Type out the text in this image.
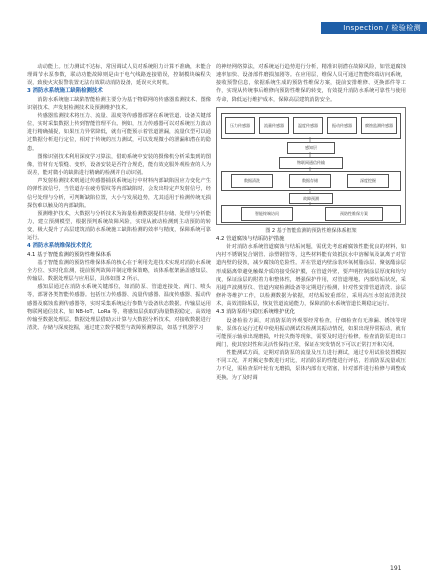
Inspection / 检验检测

动动能上。压力测试不达标，常因调试人员对系统阻力计算不准确，未能合理调节水泵参数，联动功能故障则是由于电气线路连接错误，控制模块编程失误，致使火灾报警装置无法有效联动消防设备，延误灭火时机。

3 消防水系统施工缺陷检测技术

消防水系统施工缺陷智能检测主要分为基于物联网的传感器监测技术、图像识别技术、声发射检测技术及预测维护技术。

传感器监测技术将压力、流量、温度等传感器部署在系统管道、设备关键部位，实时采集数据上传到智能管理平台。例如，压力传感器可以对系统压力波动进行精确捕捉，如果压力异常降低，就有可能预示着管道泄漏，流量仪型可以通过数据分析进行定位，相对于传统的压力测试，可以发现微小的泄漏和潜在的隐患。

图像识别技术利用深度学习算法，借助系统中安装的摄像机分析采集到的图像，管材有无裂缝、变形，设备安装是否符合规范，能有效克服外观检查的人为误差，能对微小的缺陷进行精确的检测并自动识别。

声发射检测技术则通过传感器捕获系统运行中材料内部缺陷因应力变化产生的弹性波信号，当管道存在疲劳裂纹等内部缺陷时，会发出特定声发射信号，经信号处理与分析，可判断缺陷位置，大小与发展趋势，尤其适用于检测传统无损探伤难以触及的内部缺陷。

预测维护技术，大数据与分析技术为海量检测数据提供存储、处理与分析能力，建立预测模型，根据预判系统故障风险，实现从被动检测到主动预防的转变，极大提升了高层建筑消防水系统施工缺陷检测的效率与精度，保障系统可靠运行。

4 消防水系统维保技术优化

4.1 基于智能监测的预防性维保体系

基于智能监测的预防性维保体系的核心在于利用先进技术实现对消防水系统全方位、实时化监测，提前预判故障并制定维保策略，该体系框架涵盖感知层、传输层、数据处理层与应用层，具体如图 2 所示。

感知层通过在消防水系统关键部位，如消防泵、管道连接处、阀门、喷头等，部署各类智能传感器。包括压力传感器、流量传感器、温度传感器、振动传感器及腐蚀监测传感器等，实时采集系统运行参数与设备状态数据。传输层运用物联网通信技术，如 NB-IoT、LoRa 等，将感知层获取的海量数据稳定、高效地传输至数据处理层。数据处理层借助云计算与大数据分析技术，对接收数据进行清洗、存储与深度挖掘，通过建立数学模型与故障预测算法，如基于机器学习

的神经网络算法，对系统运行趋势进行分析，精准识别潜在故障风险，如管道腐蚀速率加快、设备部件磨损加剧等。在应用层，维保人员可通过智能终端访问系统，接收预警信息，依据系统生成的预防性维保方案，提前安排维修、更换部件等工作，实现从传统事后维修向预防性维保的转变，有效提升消防水系统可靠性与使用寿命，降低运行维护成本，保障高层建筑消防安全。

压力传感器	流量传感器	温度传感器	振动传感器	腐蚀监测传感器
感知层
物联网通信传输
数据清洗	数据存储	深度挖掘
故障预测
智能终端访问	预防性维保方案

图 2 基于智能监测的预防性维保体系框架

4.2 管道腐蚀与结垢防护措施

针对消防水系统管道腐蚀与结垢问题，需优先考虑耐腐蚀性能优良的材料，如内衬不锈钢复合钢管、涂塑钢管等，这些材料能有效抵抗水中溶解氧及氯离子对管道内壁的侵蚀，减少腐蚀的危险性。并在管道内壁涂装环氧树脂涂层、聚氨酯涂层形成隔离带避免触媒介质的接受保护膜，在管道外壁，要声明控制涂层厚度和均匀度，保证涂层的附着力和整体性，增强保护作用，对管道埋地、内部结垢状况，采用超声波测厚仪、管道内窥检测设备等定期进行检测，针对性安排管道清洗、涂层修补等维护工作，以检测数据为依据，对结垢较重部位，采用高压水射流清洗技术，高效清除垢层，恢复管道流通能力，保障消防水系统管道长期稳定运行。

4.3 消防泵组与稳压系统维护优化

设备检验方面，对消防泵的外观要经常检查，仔细检查有无渗漏、锈蚀等现象，泵体在运行过程中使用振动测试仪检测其振动情况，如果出现异常振动，就有可能预示轴承出现磨损，叶轮失衡等现象，需要及时进行检修。检查消防泵进出口阀门，使其密封性和灵活性保持正常，保证在突发情况下可以正常打开和关闭。

性能测试方面，定期对消防泵的流量及压力进行测试，通过专用试验装置模拟不同工况，并对额定参数进行对比，对消防泵的性能进行评估，若消防泵流量或压力不足，需检查泵叶轮有无磨损，泵体内部有无堵塞，针对部件进行检修与调整或更换。为了及时调

191
